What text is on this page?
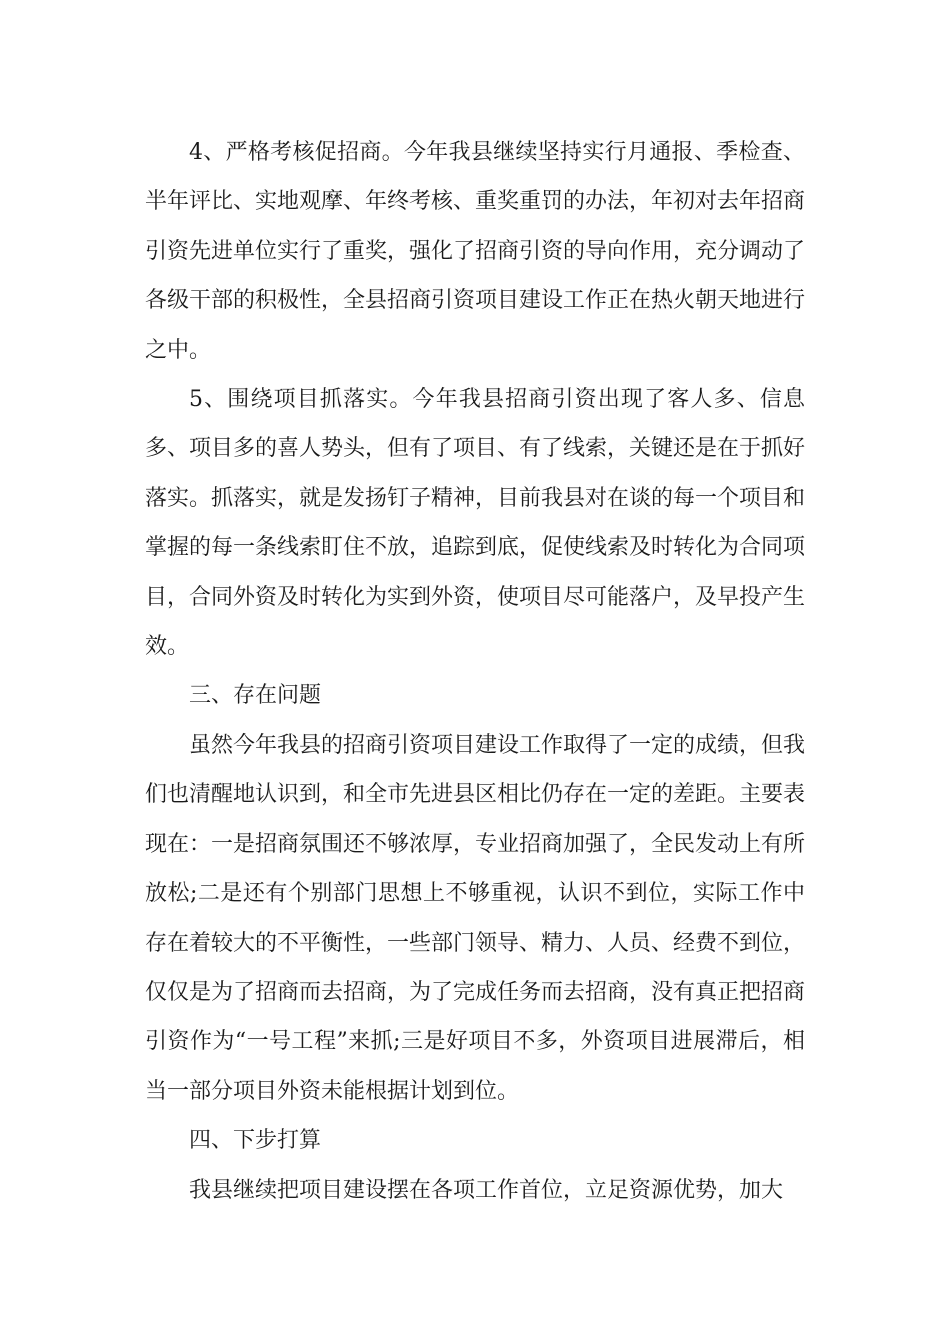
4、严格考核促招商。今年我县继续坚持实行月通报、季检查、半年评比、实地观摩、年终考核、重奖重罚的办法，年初对去年招商引资先进单位实行了重奖，强化了招商引资的导向作用，充分调动了各级干部的积极性，全县招商引资项目建设工作正在热火朝天地进行之中。

5、围绕项目抓落实。今年我县招商引资出现了客人多、信息多、项目多的喜人势头，但有了项目、有了线索，关键还是在于抓好落实。抓落实，就是发扬钉子精神，目前我县对在谈的每一个项目和掌握的每一条线索盯住不放，追踪到底，促使线索及时转化为合同项目，合同外资及时转化为实到外资，使项目尽可能落户，及早投产生效。

三、存在问题

虽然今年我县的招商引资项目建设工作取得了一定的成绩，但我们也清醒地认识到，和全市先进县区相比仍存在一定的差距。主要表现在：一是招商氛围还不够浓厚，专业招商加强了，全民发动上有所放松;二是还有个别部门思想上不够重视，认识不到位，实际工作中存在着较大的不平衡性，一些部门领导、精力、人员、经费不到位，仅仅是为了招商而去招商，为了完成任务而去招商，没有真正把招商引资作为“一号工程”来抓;三是好项目不多，外资项目进展滞后，相当一部分项目外资未能根据计划到位。

四、下步打算

我县继续把项目建设摆在各项工作首位，立足资源优势，加大
